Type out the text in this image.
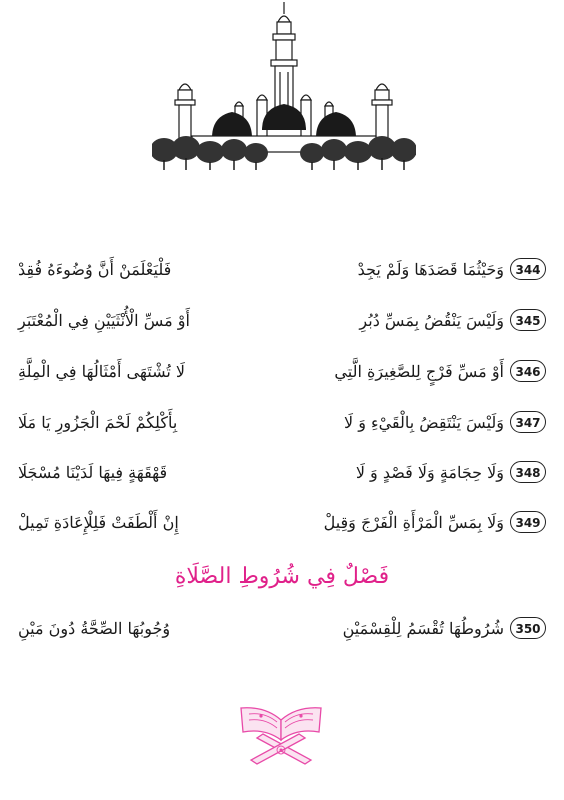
344
وَحَيْثُمَا قَصَدَهَا وَلَمْ يَجِدْ
فَلْيَعْلَمَنْ أَنَّ وُضُوءَهُ فُقِدْ
345
وَلَيْسَ يَنْقُضُ بِمَسِّ دُبُرِ
أَوْ مَسِّ الْأُنْثَيَيْنِ فِي الْمُعْتَبَرِ
346
أَوْ مَسِّ فَرْجٍ لِلصَّغِيرَةِ الَّتِي
لَا تُشْتَهَى أَمْثَالُهَا فِي الْمِلَّةِ
347
وَلَيْسَ يَنْتَقِضُ بِالْقَيْءِ وَ لَا
بِأَكْلِكُمْ لَحْمَ الْجَزُورِ يَا مَلَا
348
وَلَا حِجَامَةٍ وَلَا فَصْدٍ وَ لَا
قَهْقَهَةٍ فِيهَا لَدَيْنَا مُسْجَلَا
349
وَلَا بِمَسِّ الْمَرْأَةِ الْفَرْجَ وَقِيلْ
إِنْ أَلْطَفَتْ فَلِلْإِعَادَةِ تَمِيلْ
فَصْلٌ فِي شُرُوطِ الصَّلَاةِ
350
شُرُوطُهَا تُقْسَمُ لِلْقِسْمَيْنِ
وُجُوبُهَا الصِّحَّةُ دُونَ مَيْنِ
